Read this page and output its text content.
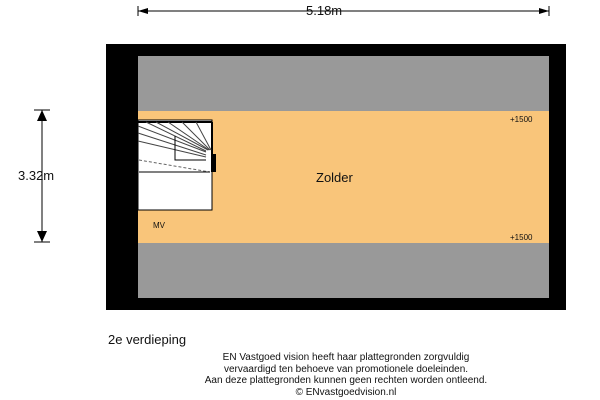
5.18m
3.32m	Zolder
+1500
+1500
MV
2e verdieping
EN Vastgoed vision heeft haar plattegronden zorgvuldig
vervaardigd ten behoeve van promotionele doeleinden.
Aan deze plattegronden kunnen geen rechten worden ontleend.
© ENvastgoedvision.nl
